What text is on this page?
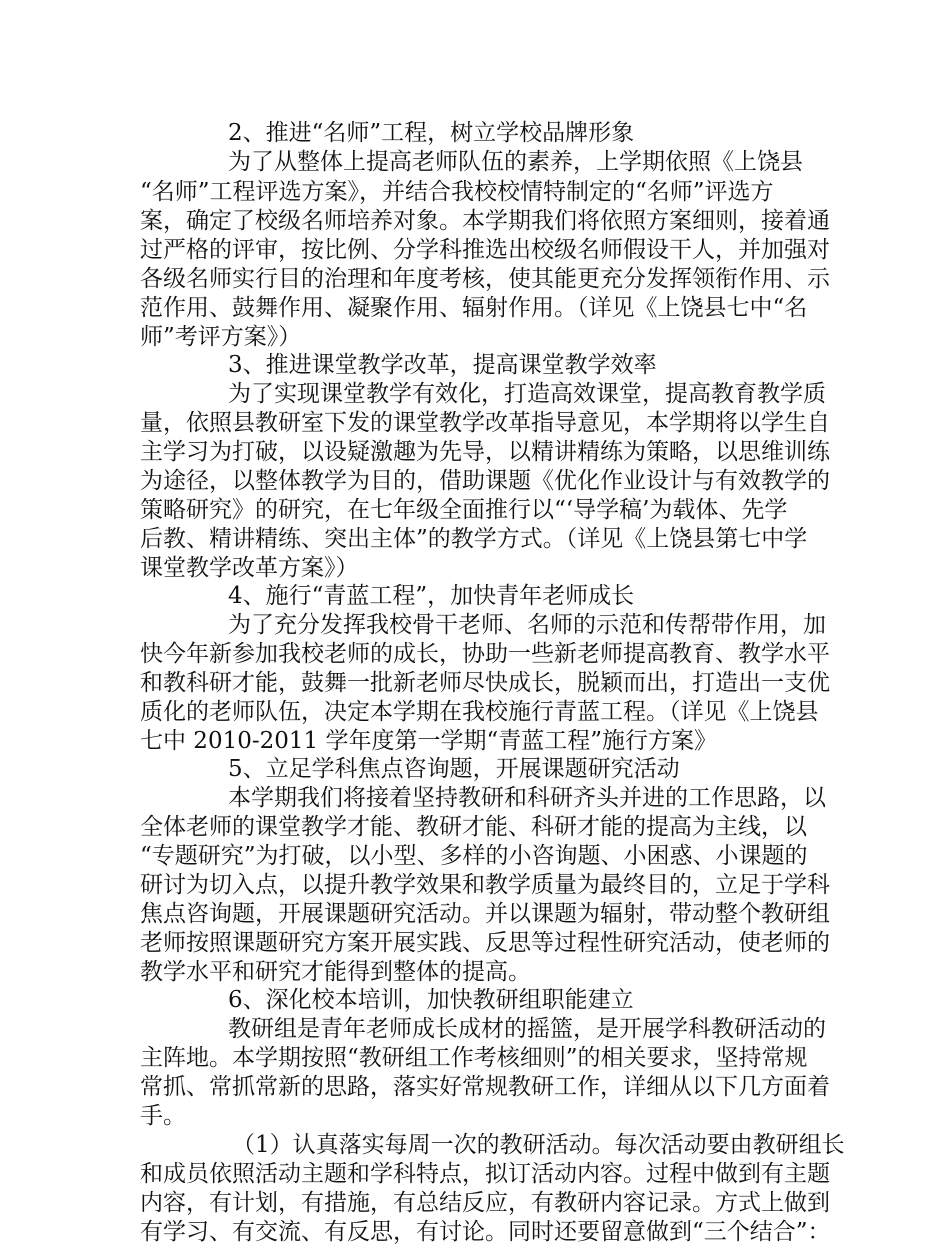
2、推进“名师”工程，树立学校品牌形象
为了从整体上提高老师队伍的素养，上学期依照《上饶县
“名师”工程评选方案》，并结合我校校情特制定的“名师”评选方
案，确定了校级名师培养对象。本学期我们将依照方案细则，接着通
过严格的评审，按比例、分学科推选出校级名师假设干人，并加强对
各级名师实行目的治理和年度考核，使其能更充分发挥领衔作用、示
范作用、鼓舞作用、凝聚作用、辐射作用。（详见《上饶县七中“名
师”考评方案》）
3、推进课堂教学改革，提高课堂教学效率
为了实现课堂教学有效化，打造高效课堂，提高教育教学质
量，依照县教研室下发的课堂教学改革指导意见，本学期将以学生自
主学习为打破，以设疑激趣为先导，以精讲精练为策略，以思维训练
为途径，以整体教学为目的，借助课题《优化作业设计与有效教学的
策略研究》的研究，在七年级全面推行以“‘导学稿’为载体、先学
后教、精讲精练、突出主体”的教学方式。（详见《上饶县第七中学
课堂教学改革方案》）
4、施行“青蓝工程”，加快青年老师成长
为了充分发挥我校骨干老师、名师的示范和传帮带作用，加
快今年新参加我校老师的成长，协助一些新老师提高教育、教学水平
和教科研才能，鼓舞一批新老师尽快成长，脱颖而出，打造出一支优
质化的老师队伍，决定本学期在我校施行青蓝工程。（详见《上饶县
七中 2010-2011 学年度第一学期“青蓝工程”施行方案》
5、立足学科焦点咨询题，开展课题研究活动
本学期我们将接着坚持教研和科研齐头并进的工作思路，以
全体老师的课堂教学才能、教研才能、科研才能的提高为主线，以
“专题研究”为打破，以小型、多样的小咨询题、小困惑、小课题的
研讨为切入点，以提升教学效果和教学质量为最终目的，立足于学科
焦点咨询题，开展课题研究活动。并以课题为辐射，带动整个教研组
老师按照课题研究方案开展实践、反思等过程性研究活动，使老师的
教学水平和研究才能得到整体的提高。
6、深化校本培训，加快教研组职能建立
教研组是青年老师成长成材的摇篮，是开展学科教研活动的
主阵地。本学期按照“教研组工作考核细则”的相关要求，坚持常规
常抓、常抓常新的思路，落实好常规教研工作，详细从以下几方面着
手。
（1）认真落实每周一次的教研活动。每次活动要由教研组长
和成员依照活动主题和学科特点，拟订活动内容。过程中做到有主题
内容，有计划，有措施，有总结反应，有教研内容记录。方式上做到
有学习、有交流、有反思，有讨论。同时还要留意做到“三个结合”：
